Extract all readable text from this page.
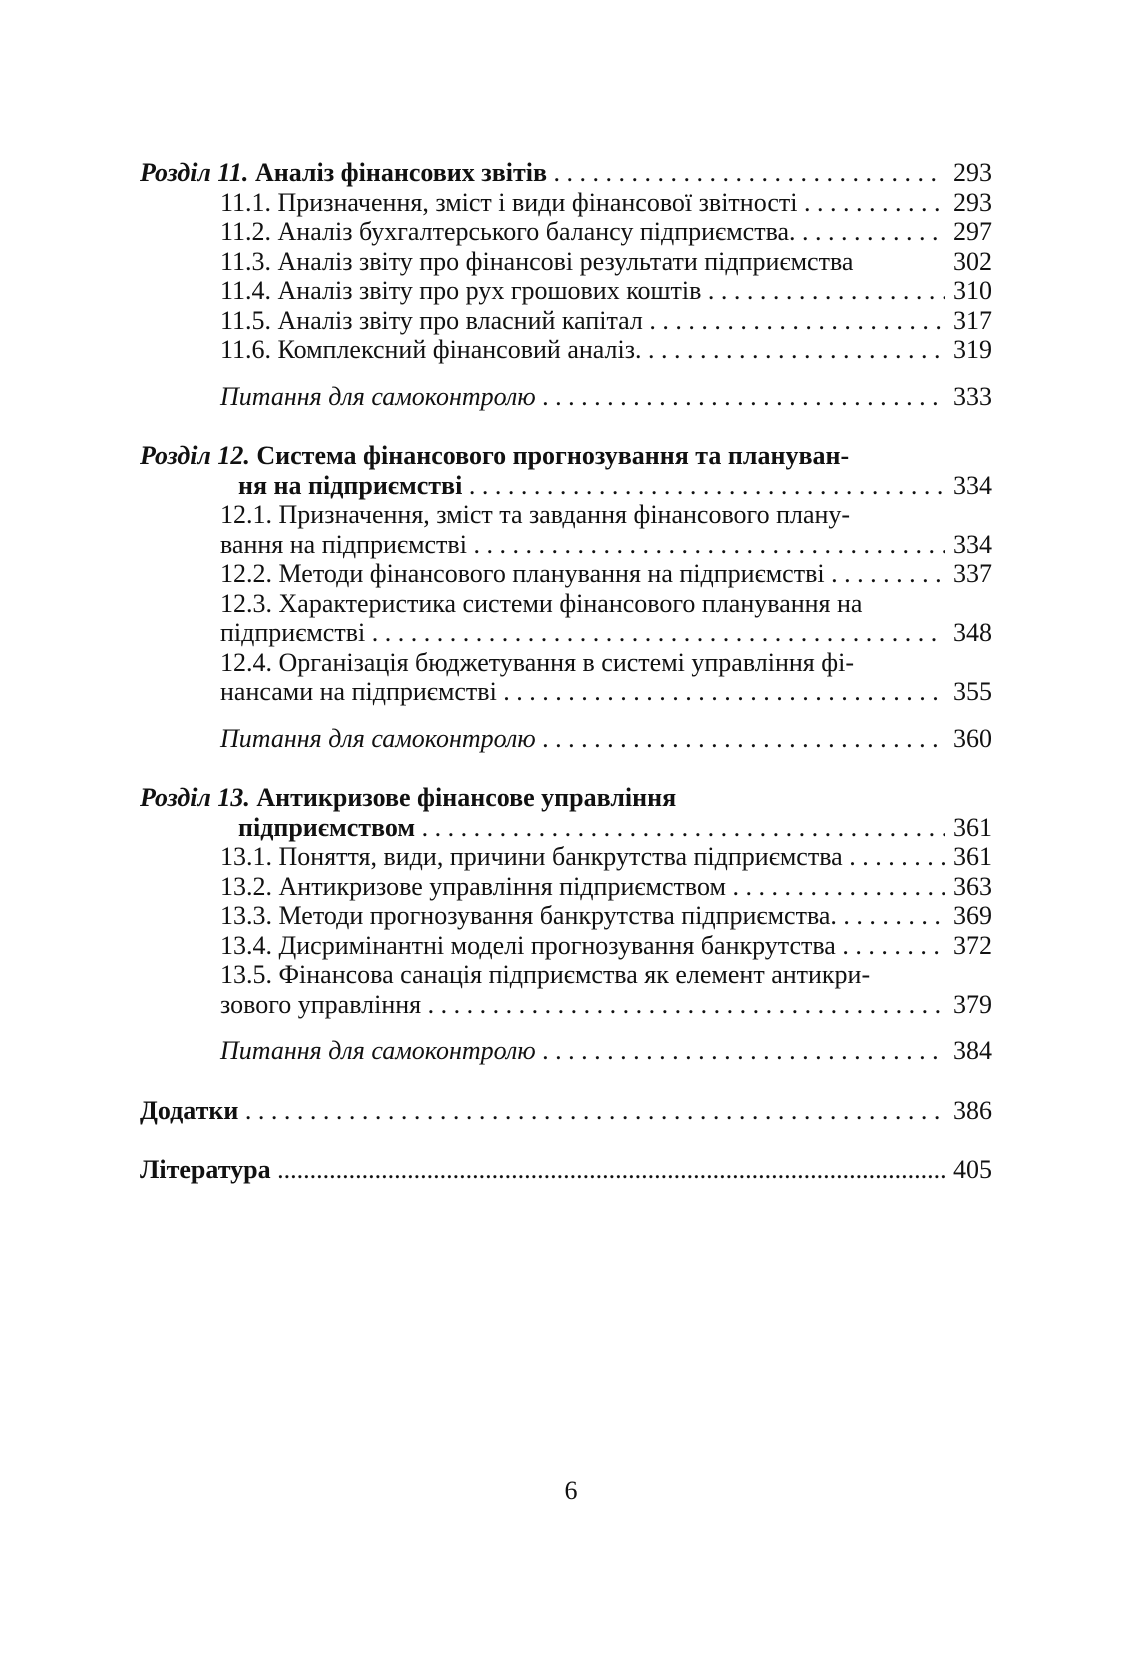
Розділ 11. Аналіз фінансових звітів	293
. . .
11.1. Призначення, зміст і види фінансової звітності	293
. . .
11.2. Аналіз бухгалтерського балансу підприємства.	297
. . .
11.3. Аналіз звіту про фінансові результати підприємства	302
11.4. Аналіз звіту про рух грошових коштів	310
. . .
11.5. Аналіз звіту про власний капітал	317
. . .
11.6. Комплексний фінансовий аналіз.	319
. . .
Питання для самоконтролю	333
. . .
Розділ 12. Система фінансового прогнозування та плануван-
ня на підприємстві	334
. . .
12.1. Призначення, зміст та завдання фінансового плану-
вання на підприємстві	334
. . .
12.2. Методи фінансового планування на підприємстві	337
. . .
12.3. Характеристика системи фінансового планування на
підприємстві	348
. . .
12.4. Організація бюджетування в системі управління фі-
нансами на підприємстві	355
. . .
Питання для самоконтролю	360
. . .
Розділ 13. Антикризове фінансове управління
підприємством	361
. . .
13.1. Поняття, види, причини банкрутства підприємства	361
. . .
13.2. Антикризове управління підприємством	363
. . .
13.3. Методи прогнозування банкрутства підприємства.	369
. . .
13.4. Дисримінантні моделі прогнозування банкрутства	372
. . .
13.5. Фінансова санація підприємства як елемент антикри-
зового управління	379
. . .
Питання для самоконтролю	384
. . .
Додатки	386
. . .
Література	405
.....
6
